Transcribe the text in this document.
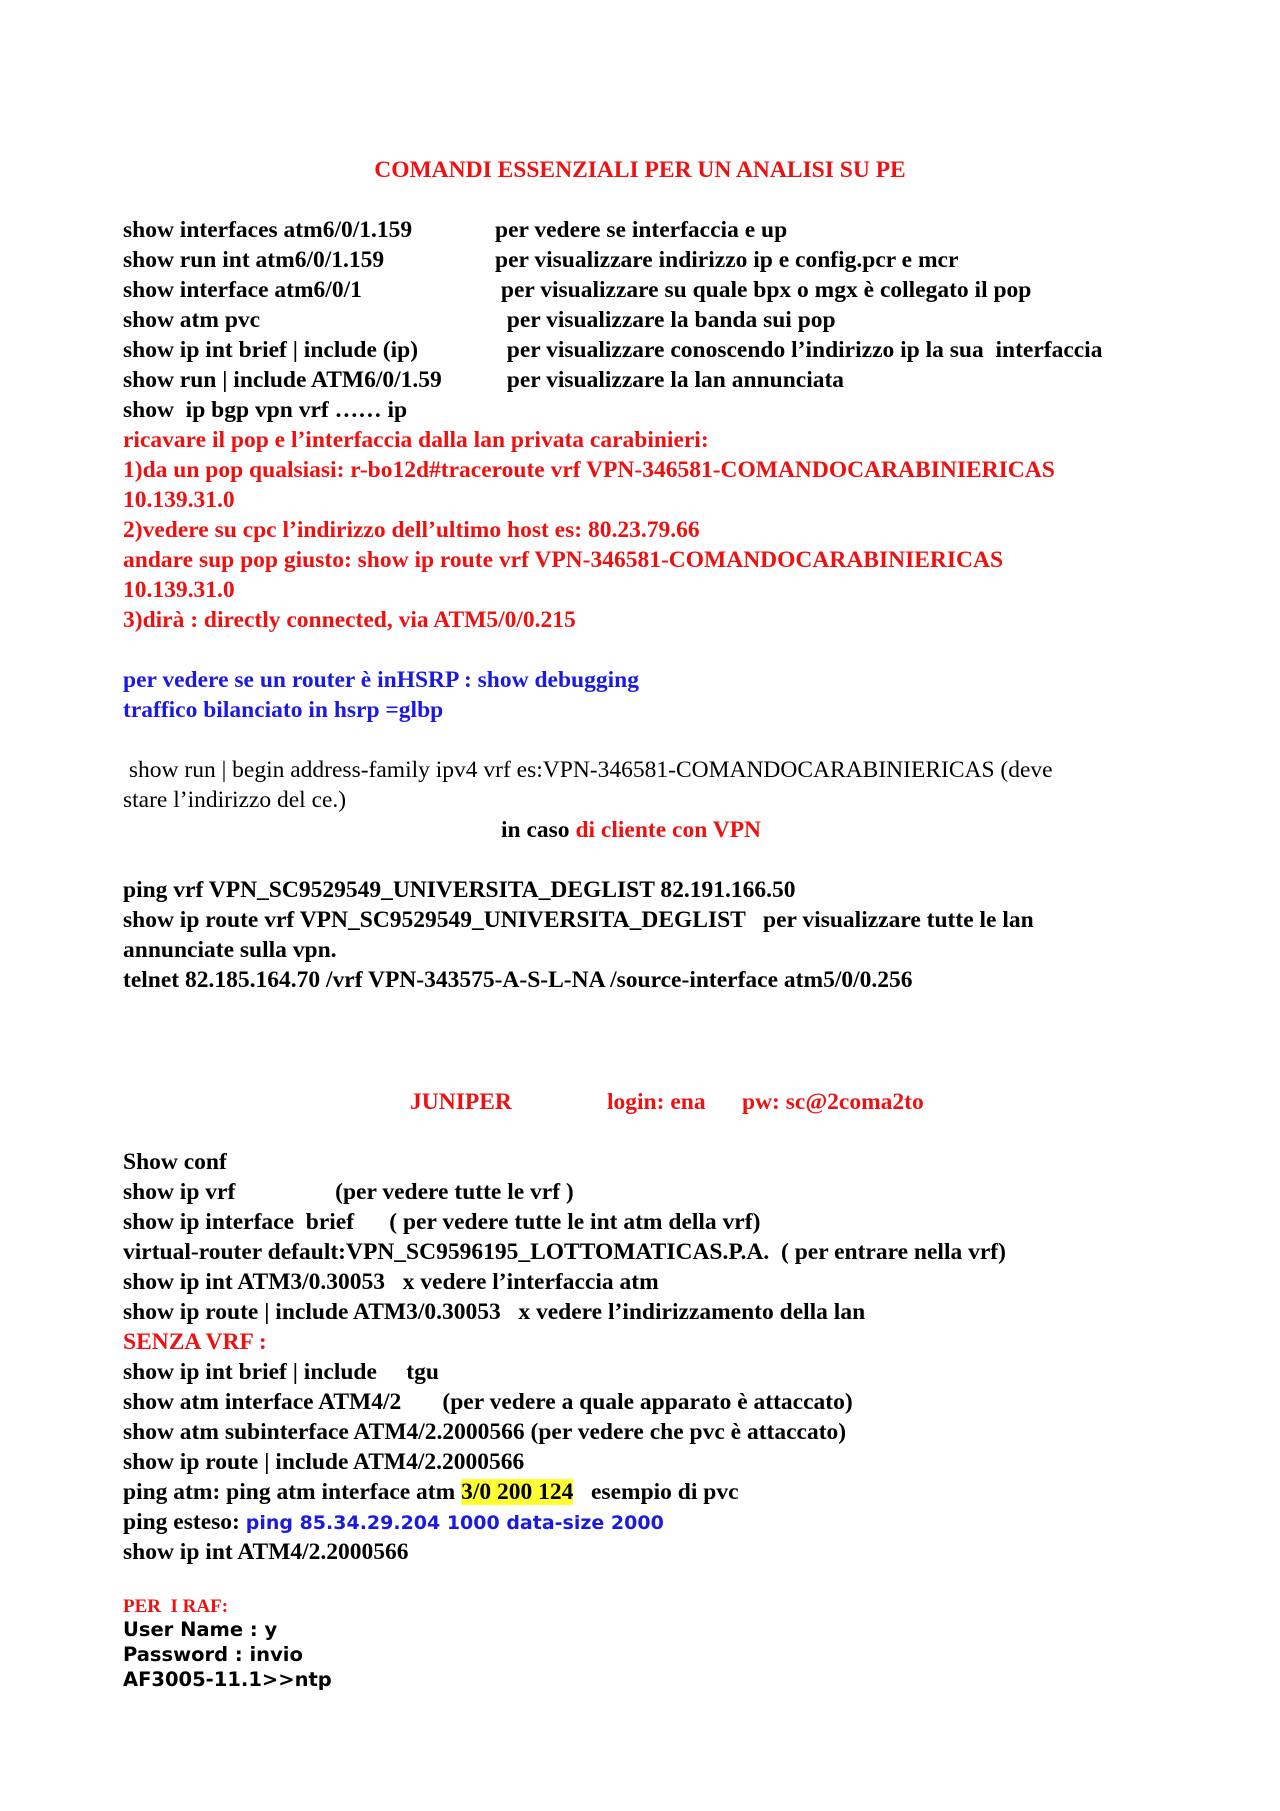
COMANDI ESSENZIALI PER UN ANALISI SU PE
show interfaces atm6/0/1.159	per vedere se interfaccia e up
show run int atm6/0/1.159	per visualizzare indirizzo ip e config.pcr e mcr
show interface atm6/0/1	per visualizzare su quale bpx o mgx è collegato il pop
show atm pvc	per visualizzare la banda sui pop
show ip int brief | include (ip)	per visualizzare conoscendo l’indirizzo ip la sua  interfaccia
show run | include ATM6/0/1.59  per visualizzare la lan annunciata
show  ip bgp vpn vrf …… ip
ricavare il pop e l’interfaccia dalla lan privata carabinieri:
1)da un pop qualsiasi: r-bo12d#traceroute vrf VPN-346581-COMANDOCARABINIERICAS
10.139.31.0
2)vedere su cpc l’indirizzo dell’ultimo host es: 80.23.79.66
andare sup pop giusto: show ip route vrf VPN-346581-COMANDOCARABINIERICAS
10.139.31.0
3)dirà : directly connected, via ATM5/0/0.215
per vedere se un router è inHSRP : show debugging
traffico bilanciato in hsrp =glbp
show run | begin address-family ipv4 vrf es:VPN-346581-COMANDOCARABINIERICAS (deve
stare l’indirizzo del ce.)
in caso di cliente con VPN
ping vrf VPN_SC9529549_UNIVERSITA_DEGLIST 82.191.166.50
show ip route vrf VPN_SC9529549_UNIVERSITA_DEGLIST   per visualizzare tutte le lan
annunciate sulla vpn.
telnet 82.185.164.70 /vrf VPN-343575-A-S-L-NA /source-interface atm5/0/0.256
JUNIPER	login: ena pw: sc@2coma2to
Show conf
show ip vrf                 (per vedere tutte le vrf )
show ip interface  brief      ( per vedere tutte le int atm della vrf)
virtual-router default:VPN_SC9596195_LOTTOMATICAS.P.A.  ( per entrare nella vrf)
show ip int ATM3/0.30053   x vedere l’interfaccia atm
show ip route | include ATM3/0.30053   x vedere l’indirizzamento della lan
SENZA VRF :
show ip int brief | include     tgu
show atm interface ATM4/2       (per vedere a quale apparato è attaccato)
show atm subinterface ATM4/2.2000566 (per vedere che pvc è attaccato)
show ip route | include ATM4/2.2000566
ping atm: ping atm interface atm 3/0 200 124   esempio di pvc
ping esteso: ping 85.34.29.204 1000 data-size 2000
show ip int ATM4/2.2000566
PER  I RAF:
User Name : y
Password : invio
AF3005-11.1>>ntp
